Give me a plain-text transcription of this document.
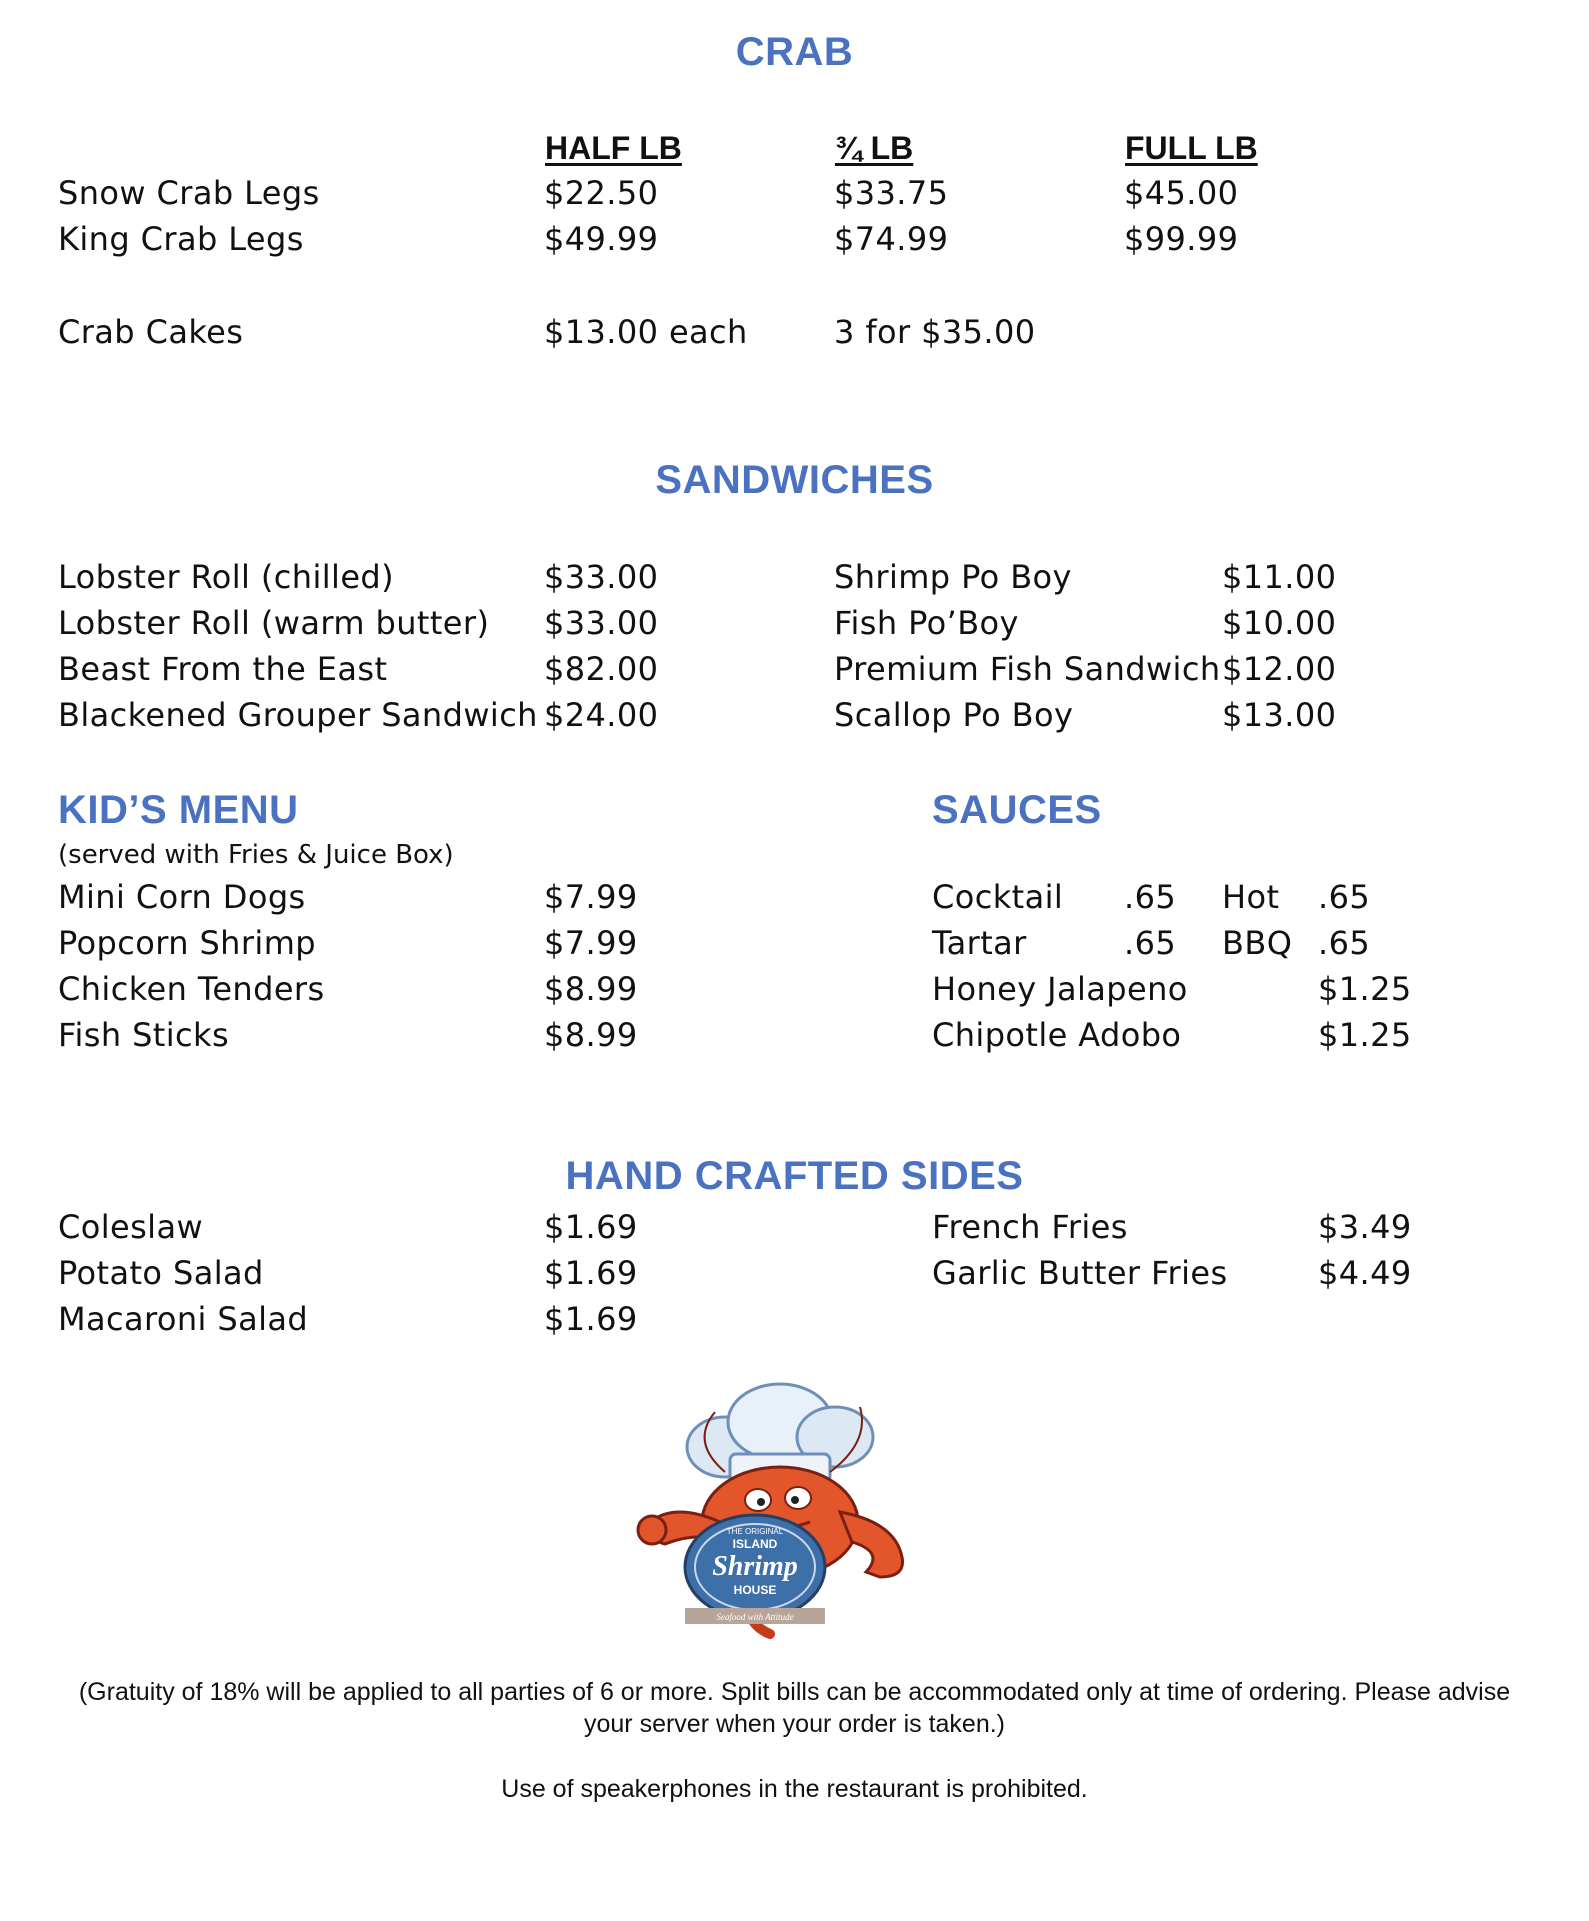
CRAB
HALF LB	¾ LB	FULL LB
Snow Crab Legs	$22.50	$33.75	$45.00
King Crab Legs	$49.99	$74.99	$99.99
Crab Cakes	$13.00 each	3 for $35.00
SANDWICHES
Lobster Roll (chilled)	$33.00	Shrimp Po Boy	$11.00
Lobster Roll (warm butter) $33.00	Fish Po’Boy	$10.00
Beast From the East	$82.00	Premium Fish Sandwich $12.00
Blackened Grouper Sandwich $24.00	Scallop Po Boy	$13.00
KID’S MENU
(served with Fries & Juice Box)
Mini Corn Dogs	$7.99
Popcorn Shrimp	$7.99
Chicken Tenders	$8.99
Fish Sticks	$8.99
SAUCES
Cocktail .65 Hot .65
Tartar	.65 BBQ .65
Honey Jalapeno	$1.25
Chipotle Adobo	$1.25
HAND CRAFTED SIDES
Coleslaw	$1.69
Potato Salad	$1.69
Macaroni Salad	$1.69
French Fries	$3.49
Garlic Butter Fries	$4.49
THE ORIGINAL
ISLAND
Shrimp
HOUSE
Seafood with Attitude
(Gratuity of 18% will be applied to all parties of 6 or more. Split bills can be accommodated only at time of ordering. Please advise
your server when your order is taken.)
Use of speakerphones in the restaurant is prohibited.
